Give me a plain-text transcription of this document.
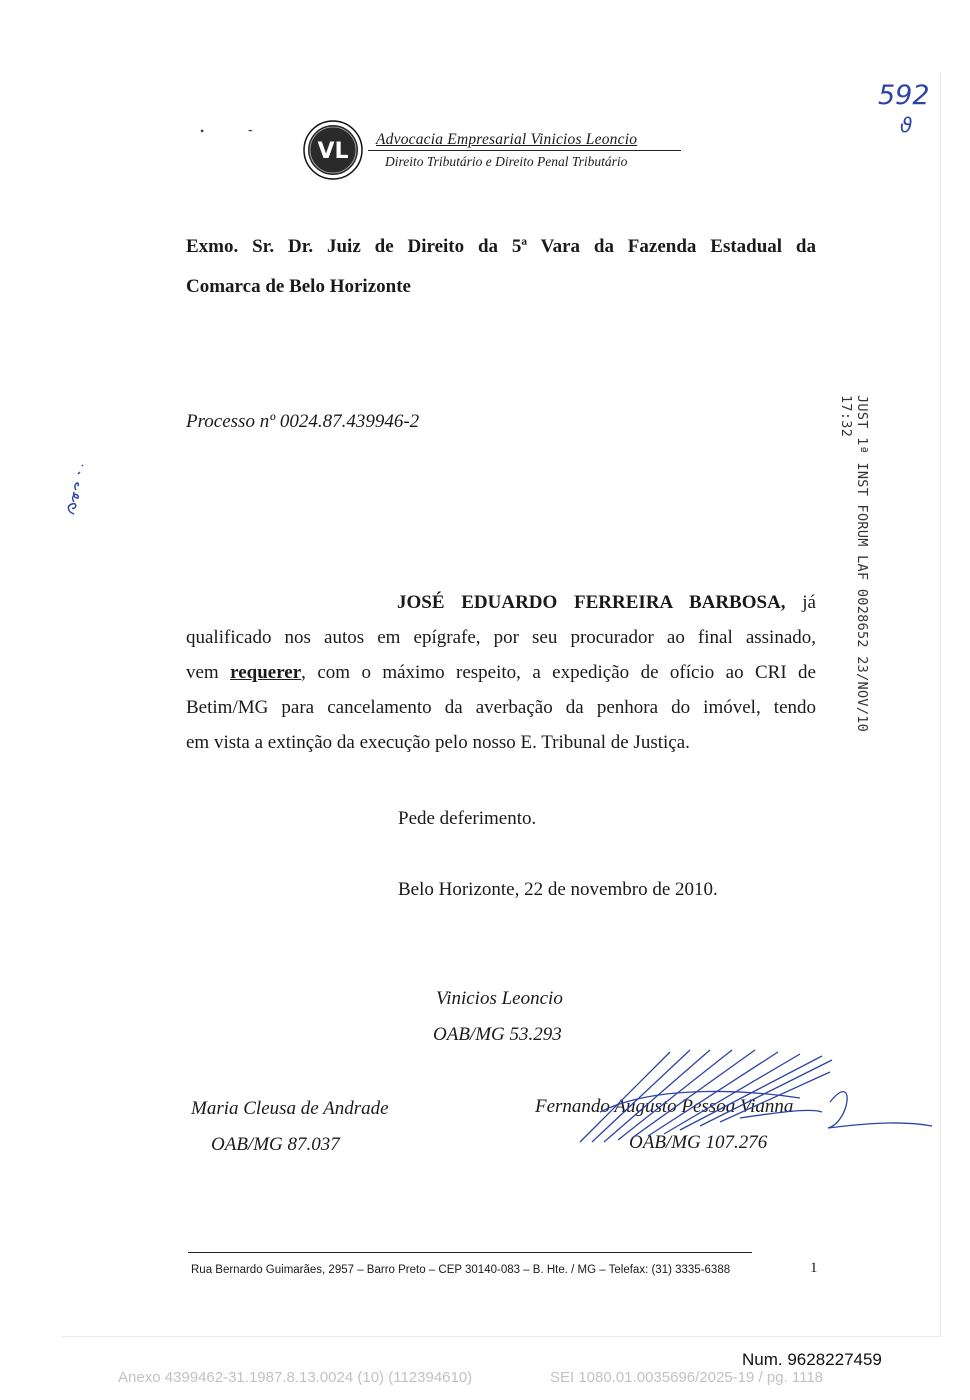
• ⁃
VL Advocacia Empresarial Vinicios Leoncio
Direito Tributário e Direito Penal Tributário
592
ϑ
Exmo. Sr. Dr. Juiz de Direito da 5ª Vara da Fazenda Estadual da
Comarca de Belo Horizonte
Processo nº 0024.87.439946-2	JUST 1ª INST FORUM LAF 0028652 23/NOV/10 17:32
JOSÉ EDUARDO FERREIRA BARBOSA, já
qualificado nos autos em epígrafe, por seu procurador ao final assinado,
vem requerer, com o máximo respeito, a expedição de ofício ao CRI de
Betim/MG para cancelamento da averbação da penhora do imóvel, tendo
em vista a extinção da execução pelo nosso E. Tribunal de Justiça.
Pede deferimento.
Belo Horizonte, 22 de novembro de 2010.
Vinicios Leoncio
OAB/MG 53.293
Maria Cleusa de Andrade
OAB/MG 87.037
Fernando Augusto Pessoa Vianna
OAB/MG 107.276
Rua Bernardo Guimarães, 2957 – Barro Preto – CEP 30140-083 – B. Hte. / MG – Telefax: (31) 3335-6388	1
Num. 9628227459
Anexo 4399462-31.1987.8.13.0024 (10) (112394610)	SEI 1080.01.0035696/2025-19 / pg. 1118
